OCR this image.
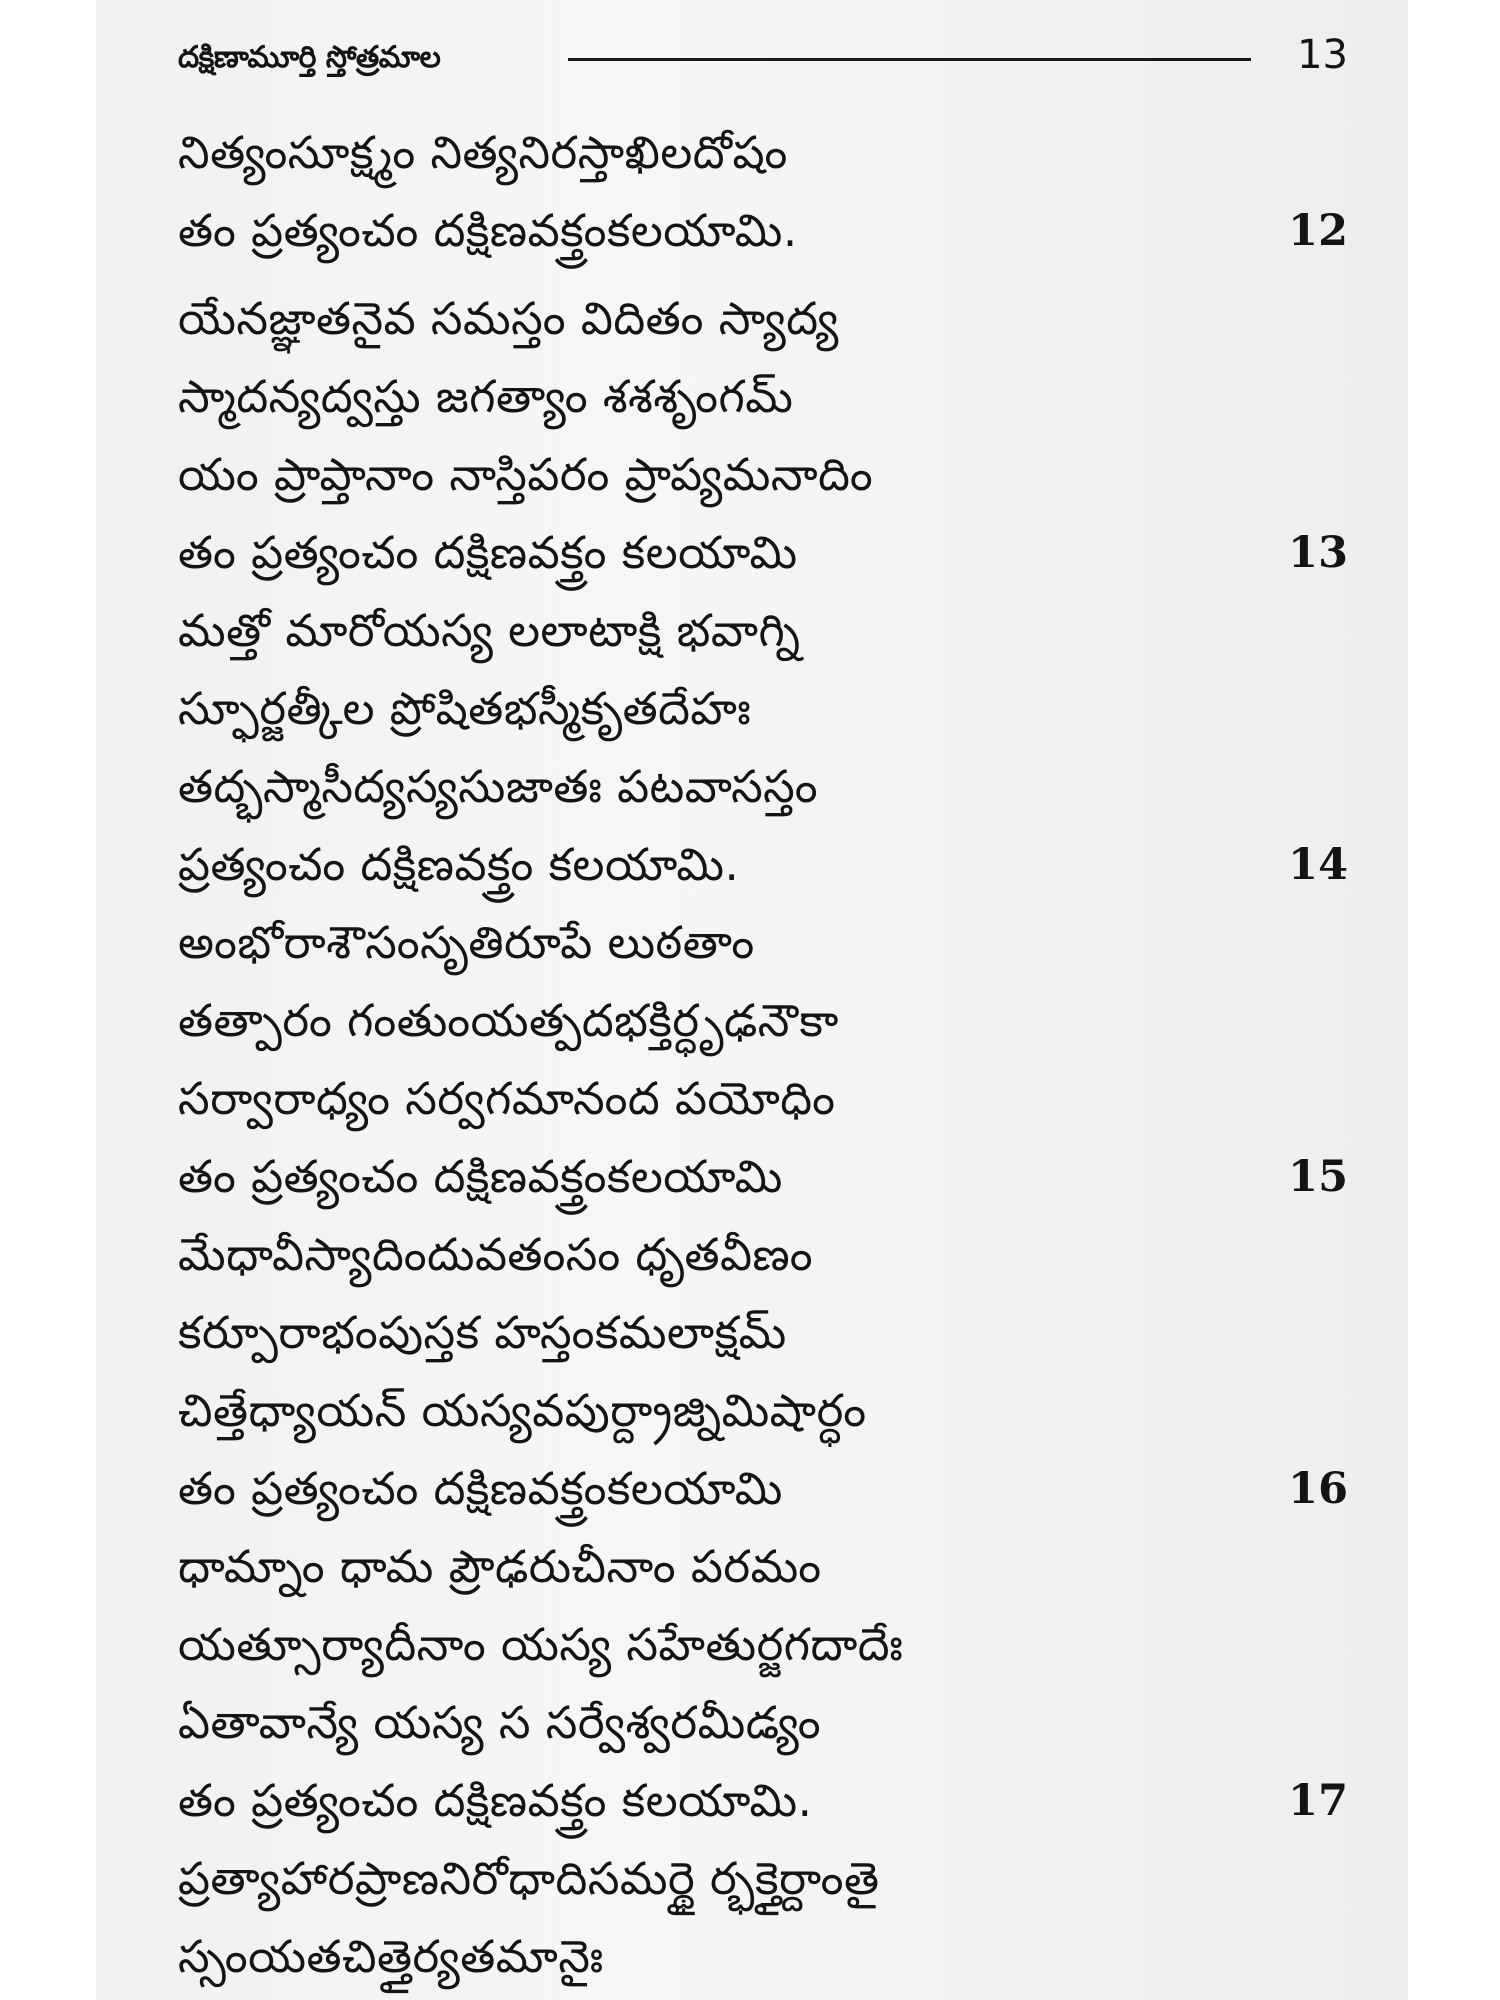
దక్షిణామూర్తి స్తోత్రమాల	13
నిత్యంసూక్ష్మం నిత్యనిరస్తాఖిలదోషం
తం ప్రత్యంచం దక్షిణవక్త్రంకలయామి.	12
యేనజ్ఞాతనైవ సమస్తం విదితం స్యాద్య
స్మాదన్యద్వస్తు జగత్యాం శశశృంగమ్
యం ప్రాప్తానాం నాస్తిపరం ప్రాప్యమనాదిం
తం ప్రత్యంచం దక్షిణవక్త్రం కలయామి	13
మత్తో మారోయస్య లలాటాక్షి భవాగ్ని
స్ఫూర్జత్కీల ప్రోషితభస్మీకృతదేహః
తద్భస్మాసీద్యస్యసుజాతః పటవాసస్తం
ప్రత్యంచం దక్షిణవక్త్రం కలయామి.	14
అంభోరాశౌసంసృతిరూపే లుఠతాం
తత్పారం గంతుంయత్పదభక్తిర్ధృఢనౌకా
సర్వారాధ్యం సర్వగమానంద పయోధిం
తం ప్రత్యంచం దక్షిణవక్త్రంకలయామి	15
మేధావీస్యాదిందువతంసం ధృతవీణం
కర్పూరాభంపుస్తక హస్తంకమలాక్షమ్
చిత్తేధ్యాయన్ యస్యవపుర్ద్రాజ్నిమిషార్ధం
తం ప్రత్యంచం దక్షిణవక్త్రంకలయామి	16
ధామ్నాం ధామ ప్రౌఢరుచీనాం పరమం
యత్సూర్యాదీనాం యస్య సహేతుర్జగదాదేః
ఏతావాన్యే యస్య స సర్వేశ్వరమీడ్యం
తం ప్రత్యంచం దక్షిణవక్త్రం కలయామి.	17
ప్రత్యాహారప్రాణనిరోధాదిసమర్థై ర్భక్తైర్దాంతై
స్సంయతచిత్తైర్యతమానైః
